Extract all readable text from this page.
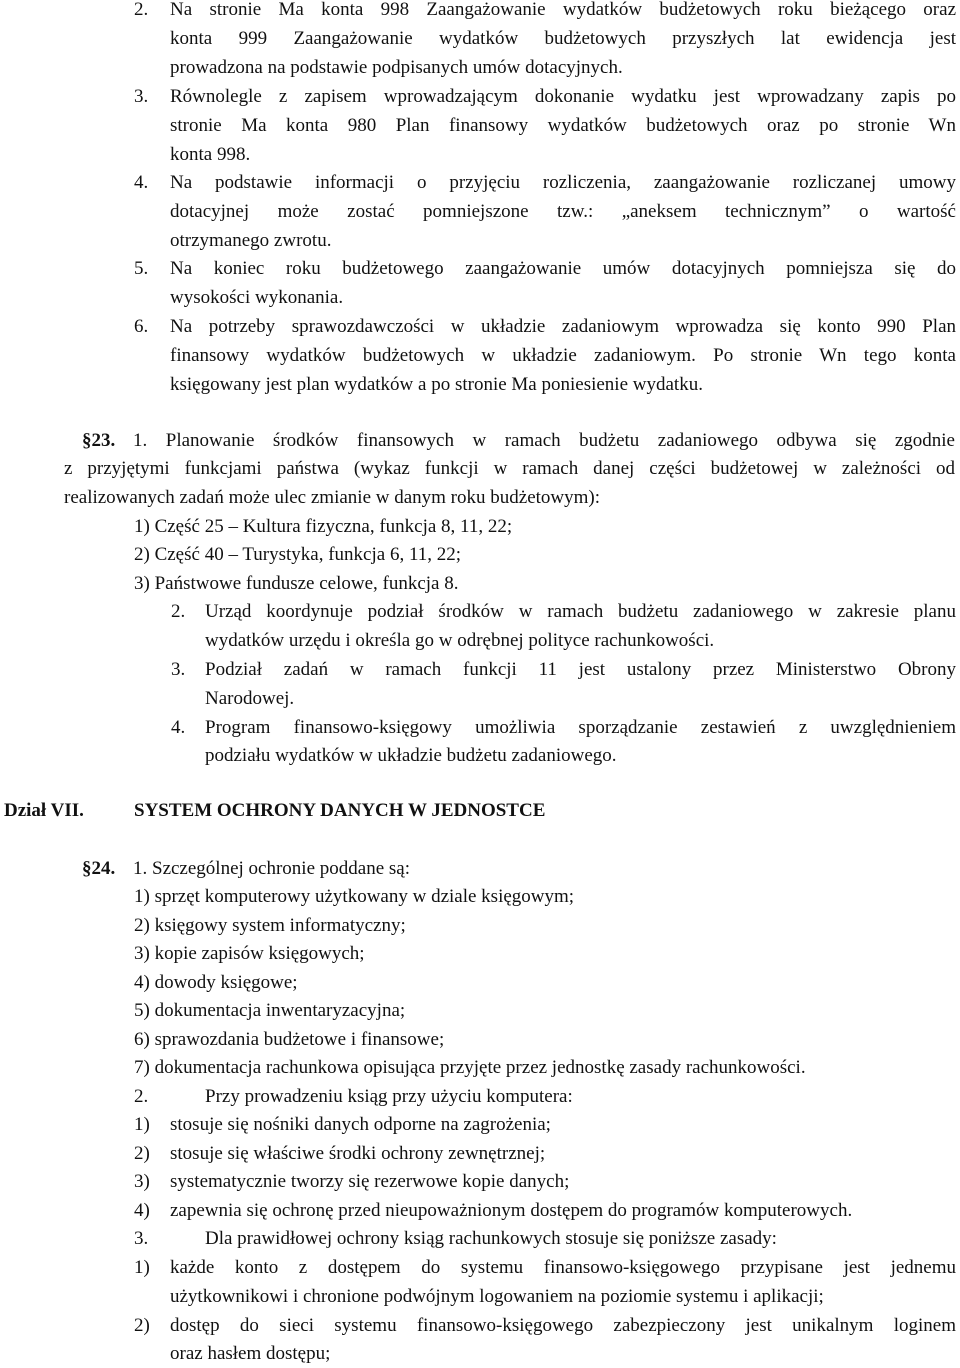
2. Na stronie Ma konta 998 Zaangażowanie wydatków budżetowych roku bieżącego oraz
konta 999 Zaangażowanie wydatków budżetowych przyszłych lat ewidencja jest
prowadzona na podstawie podpisanych umów dotacyjnych.
3. Równolegle z zapisem wprowadzającym dokonanie wydatku jest wprowadzany zapis po
stronie Ma konta 980 Plan finansowy wydatków budżetowych oraz po stronie Wn
konta 998.
4. Na podstawie informacji o przyjęciu rozliczenia, zaangażowanie rozliczanej umowy
dotacyjnej może zostać pomniejszone tzw.: „aneksem technicznym” o wartość
otrzymanego zwrotu.
5. Na koniec roku budżetowego zaangażowanie umów dotacyjnych pomniejsza się do
wysokości wykonania.
6. Na potrzeby sprawozdawczości w układzie zadaniowym wprowadza się konto 990 Plan
finansowy wydatków budżetowych w układzie zadaniowym. Po stronie Wn tego konta
księgowany jest plan wydatków a po stronie Ma poniesienie wydatku.
§23. 1. Planowanie środków finansowych w ramach budżetu zadaniowego odbywa się zgodnie
z przyjętymi funkcjami państwa (wykaz funkcji w ramach danej części budżetowej w zależności od
realizowanych zadań może ulec zmianie w danym roku budżetowym):
1) Część 25 – Kultura fizyczna, funkcja 8, 11, 22;
2) Część 40 – Turystyka, funkcja 6, 11, 22;
3) Państwowe fundusze celowe, funkcja 8.
2. Urząd koordynuje podział środków w ramach budżetu zadaniowego w zakresie planu
wydatków urzędu i określa go w odrębnej polityce rachunkowości.
3. Podział zadań w ramach funkcji 11 jest ustalony przez Ministerstwo Obrony
Narodowej.
4. Program finansowo-księgowy umożliwia sporządzanie zestawień z uwzględnieniem
podziału wydatków w układzie budżetu zadaniowego.
Dział VII.	SYSTEM OCHRONY DANYCH W JEDNOSTCE
§24. 1. Szczególnej ochronie poddane są:
1) sprzęt komputerowy użytkowany w dziale księgowym;
2) księgowy system informatyczny;
3) kopie zapisów księgowych;
4) dowody księgowe;
5) dokumentacja inwentaryzacyjna;
6) sprawozdania budżetowe i finansowe;
7) dokumentacja rachunkowa opisująca przyjęte przez jednostkę zasady rachunkowości.
2.	Przy prowadzeniu ksiąg przy użyciu komputera:
1) stosuje się nośniki danych odporne na zagrożenia;
2) stosuje się właściwe środki ochrony zewnętrznej;
3) systematycznie tworzy się rezerwowe kopie danych;
4) zapewnia się ochronę przed nieupoważnionym dostępem do programów komputerowych.
3.	Dla prawidłowej ochrony ksiąg rachunkowych stosuje się poniższe zasady:
1) każde konto z dostępem do systemu finansowo-księgowego przypisane jest jednemu
użytkownikowi i chronione podwójnym logowaniem na poziomie systemu i aplikacji;
2) dostęp do sieci systemu finansowo-księgowego zabezpieczony jest unikalnym loginem
oraz hasłem dostępu;
